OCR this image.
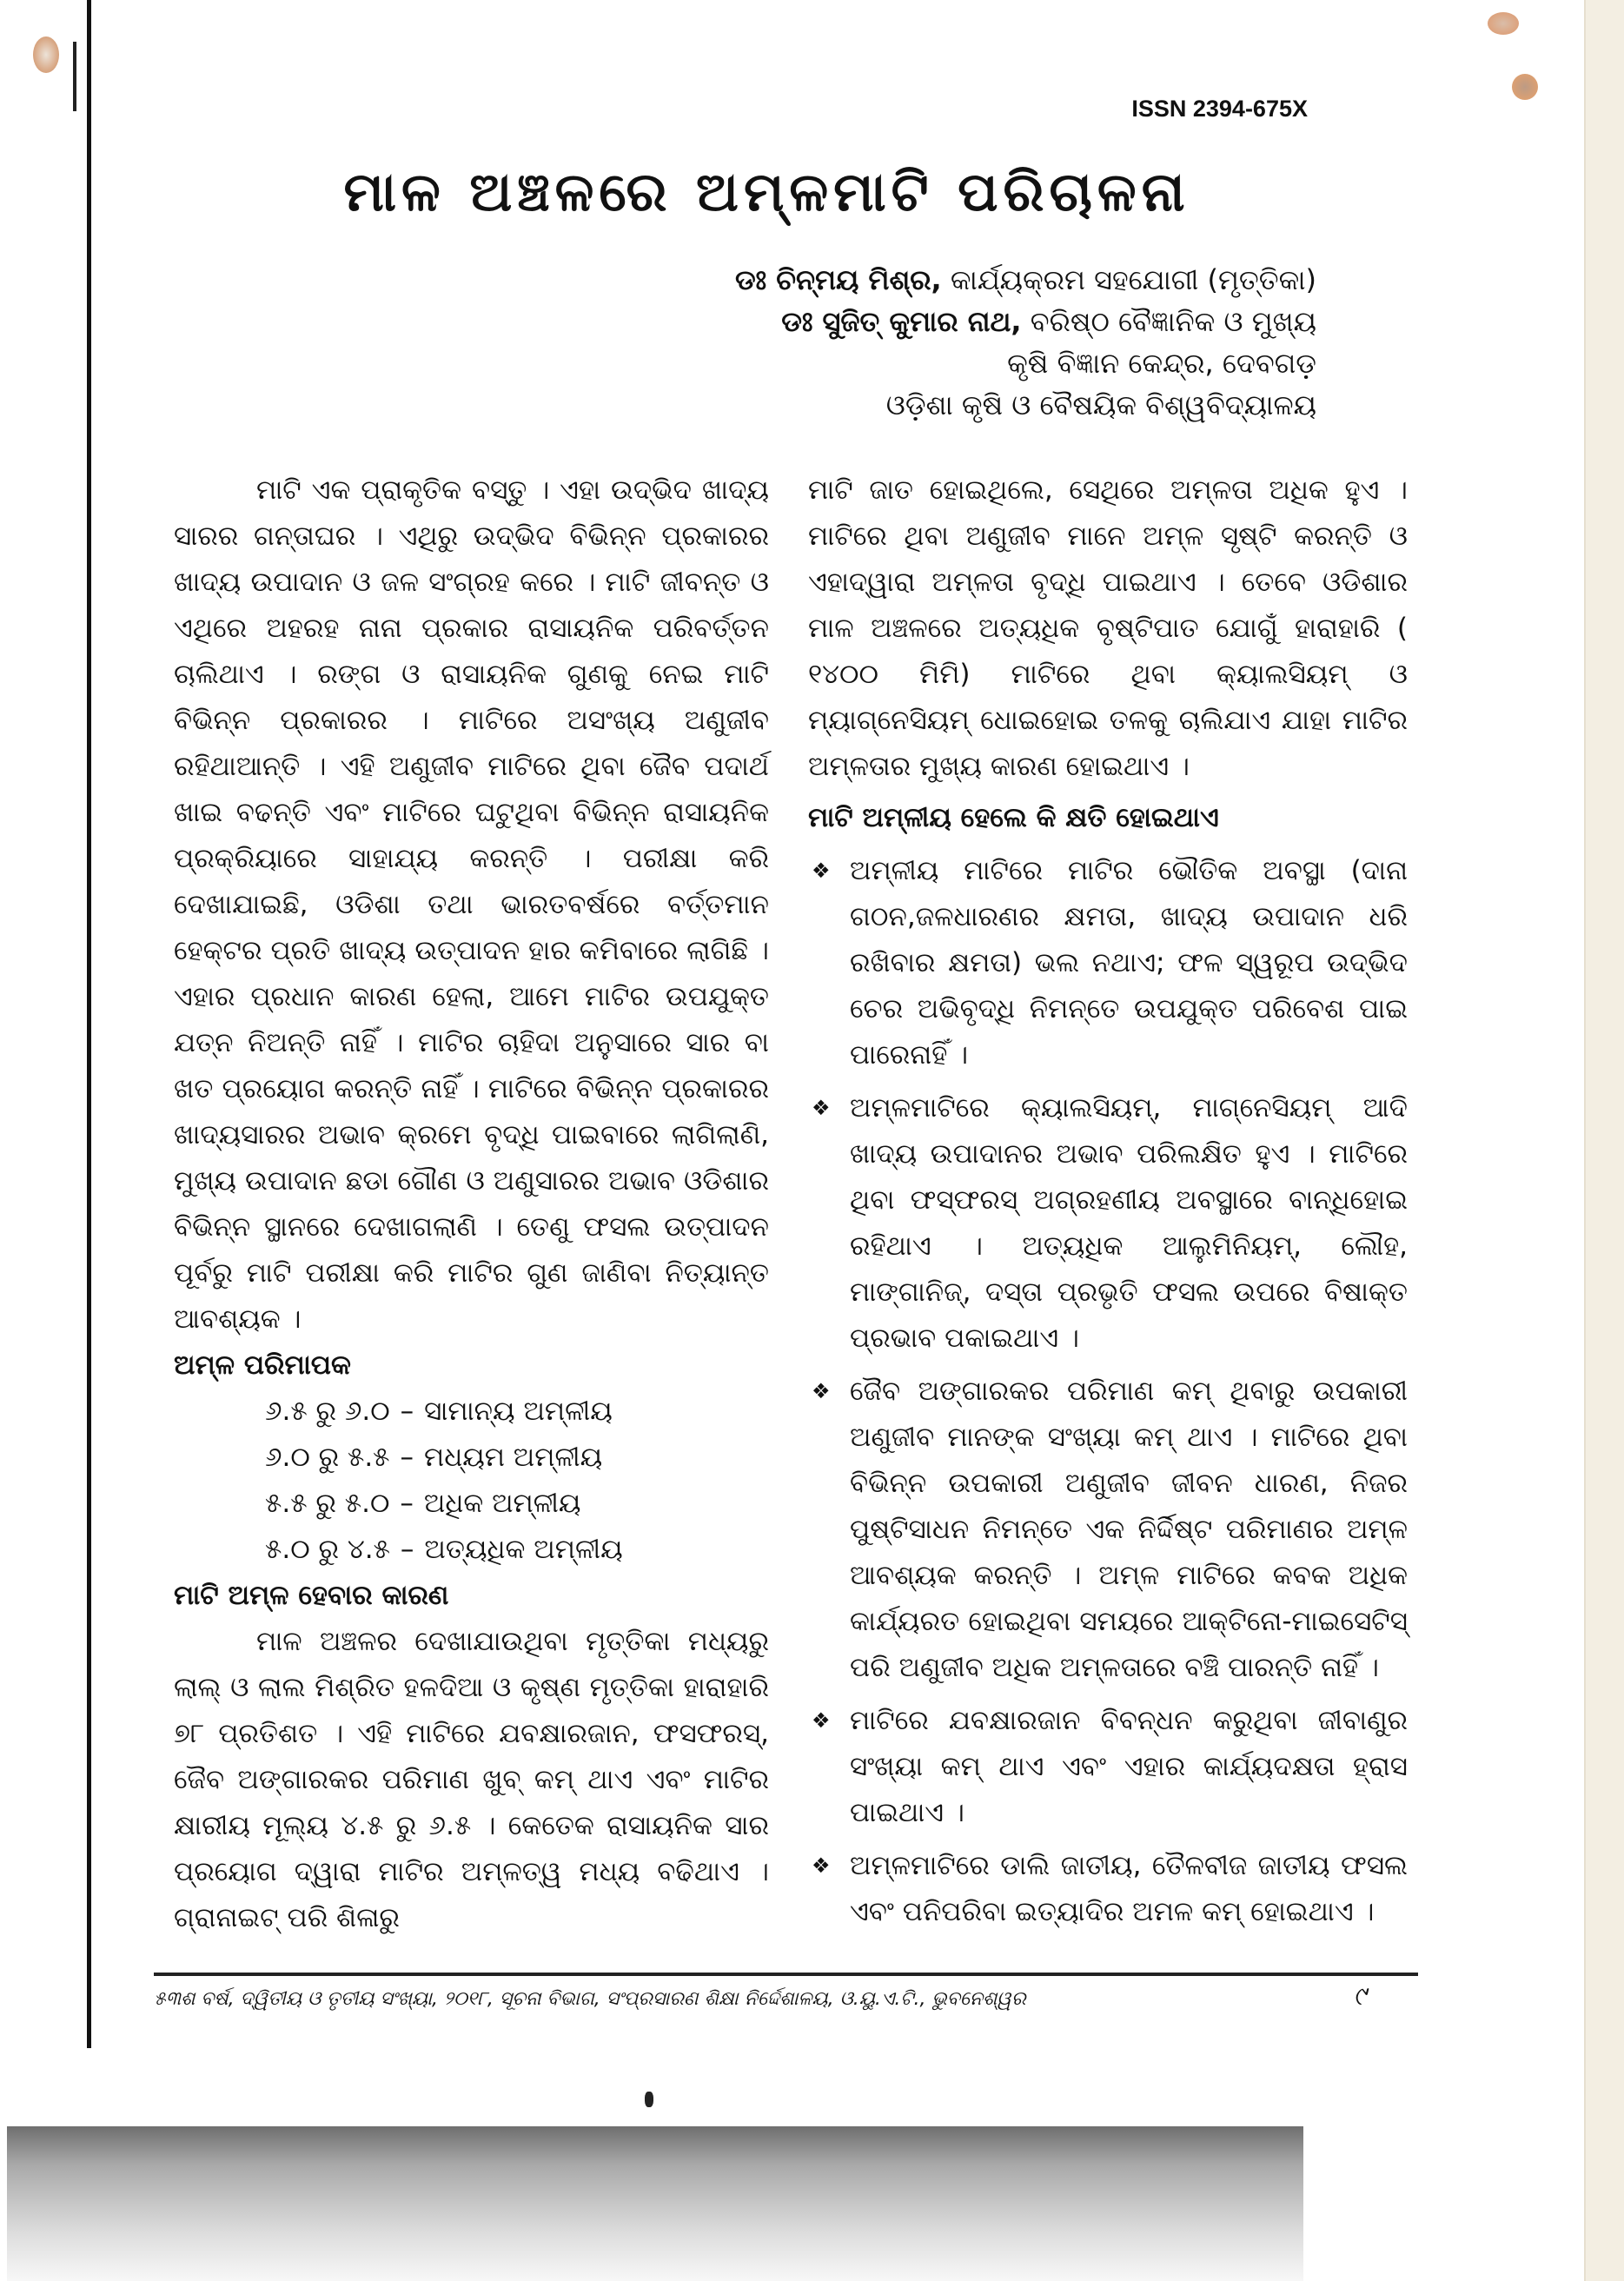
ISSN 2394-675X
ମାଳ ଅଞ୍ଚଳରେ ଅମ୍ଳମାଟି ପରିଚାଳନା
ଡଃ ଚିନ୍ମୟ ମିଶ୍ର, କାର୍ଯ୍ୟକ୍ରମ ସହଯୋଗୀ (ମୃତ୍ତିକା)
ଡଃ ସୁଜିତ୍ କୁମାର ନାଥ, ବରିଷ୍ଠ ବୈଜ୍ଞାନିକ ଓ ମୁଖ୍ୟ
କୃଷି ବିଜ୍ଞାନ କେନ୍ଦ୍ର, ଦେବଗଡ଼
ଓଡ଼ିଶା କୃଷି ଓ ବୈଷୟିକ ବିଶ୍ୱବିଦ୍ୟାଳୟ

ମାଟି ଏକ ପ୍ରାକୃତିକ ବସ୍ତୁ । ଏହା ଉଦ୍ଭିଦ ଖାଦ୍ୟ ସାରର ଗନ୍ତାଘର । ଏଥିରୁ ଉଦ୍ଭିଦ ବିଭିନ୍ନ ପ୍ରକାରର ଖାଦ୍ୟ ଉପାଦାନ ଓ ଜଳ ସଂଗ୍ରହ କରେ । ମାଟି ଜୀବନ୍ତ ଓ ଏଥିରେ ଅହରହ ନାନା ପ୍ରକାର ରାସାୟନିକ ପରିବର୍ତ୍ତନ ଚାଲିଥାଏ । ରଙ୍ଗ ଓ ରାସାୟନିକ ଗୁଣକୁ ନେଇ ମାଟି ବିଭିନ୍ନ ପ୍ରକାରର । ମାଟିରେ ଅସଂଖ୍ୟ ଅଣୁଜୀବ ରହିଥାଆନ୍ତି । ଏହି ଅଣୁଜୀବ ମାଟିରେ ଥିବା ଜୈବ ପଦାର୍ଥ ଖାଇ ବଢନ୍ତି ଏବଂ ମାଟିରେ ଘଟୁଥିବା ବିଭିନ୍ନ ରାସାୟନିକ ପ୍ରକ୍ରିୟାରେ ସାହାଯ୍ୟ କରନ୍ତି । ପରୀକ୍ଷା କରି ଦେଖାଯାଇଛି, ଓଡିଶା ତଥା ଭାରତବର୍ଷରେ ବର୍ତ୍ତମାନ ହେକ୍ଟର ପ୍ରତି ଖାଦ୍ୟ ଉତ୍ପାଦନ ହାର କମିବାରେ ଲାଗିଛି । ଏହାର ପ୍ରଧାନ କାରଣ ହେଲା, ଆମେ ମାଟିର ଉପଯୁକ୍ତ ଯତ୍ନ ନିଅନ୍ତି ନାହିଁ । ମାଟିର ଚାହିଦା ଅନୁସାରେ ସାର ବା ଖତ ପ୍ରୟୋଗ କରନ୍ତି ନାହିଁ । ମାଟିରେ ବିଭିନ୍ନ ପ୍ରକାରର ଖାଦ୍ୟସାରର ଅଭାବ କ୍ରମେ ବୃଦ୍ଧି ପାଇବାରେ ଲାଗିଲାଣି, ମୁଖ୍ୟ ଉପାଦାନ ଛଡା ଗୌଣ ଓ ଅଣୁସାରର ଅଭାବ ଓଡିଶାର ବିଭିନ୍ନ ସ୍ଥାନରେ ଦେଖାଗଲାଣି । ତେଣୁ ଫସଲ ଉତ୍ପାଦନ ପୂର୍ବରୁ ମାଟି ପରୀକ୍ଷା କରି ମାଟିର ଗୁଣ ଜାଣିବା ନିତ୍ୟାନ୍ତ ଆବଶ୍ୟକ ।

ଅମ୍ଳ ପରିମାପକ

୬.୫ ରୁ ୬.୦ – ସାମାନ୍ୟ ଅମ୍ଳୀୟ
୬.୦ ରୁ ୫.୫ – ମଧ୍ୟମ ଅମ୍ଳୀୟ
୫.୫ ରୁ ୫.୦ – ଅଧିକ ଅମ୍ଳୀୟ
୫.୦ ରୁ ୪.୫ – ଅତ୍ୟଧିକ ଅମ୍ଳୀୟ

ମାଟି ଅମ୍ଳ ହେବାର କାରଣ

ମାଳ ଅଞ୍ଚଳର ଦେଖାଯାଉଥିବା ମୃତ୍ତିକା ମଧ୍ୟରୁ ଲାଲ୍ ଓ ଲାଲ ମିଶ୍ରିତ ହଳଦିଆ ଓ କୃଷ୍ଣ ମୃତ୍ତିକା ହାରାହାରି ୭୮ ପ୍ରତିଶତ । ଏହି ମାଟିରେ ଯବକ୍ଷାରଜାନ, ଫସଫରସ୍, ଜୈବ ଅଙ୍ଗାରକର ପରିମାଣ ଖୁବ୍ କମ୍ ଥାଏ ଏବଂ ମାଟିର କ୍ଷାରୀୟ ମୂଲ୍ୟ ୪.୫ ରୁ ୬.୫ । କେତେକ ରାସାୟନିକ ସାର ପ୍ରୟୋଗ ଦ୍ୱାରା ମାଟିର ଅମ୍ଳତ୍ୱ ମଧ୍ୟ ବଢିଥାଏ । ଗ୍ରାନାଇଟ୍ ପରି ଶିଳାରୁ

ମାଟି ଜାତ ହୋଇଥିଲେ, ସେଥିରେ ଅମ୍ଳତା ଅଧିକ ହୁଏ । ମାଟିରେ ଥିବା ଅଣୁଜୀବ ମାନେ ଅମ୍ଳ ସୃଷ୍ଟି କରନ୍ତି ଓ ଏହାଦ୍ୱାରା ଅମ୍ଳତା ବୃଦ୍ଧି ପାଇଥାଏ । ତେବେ ଓଡିଶାର ମାଳ ଅଞ୍ଚଳରେ ଅତ୍ୟଧିକ ବୃଷ୍ଟିପାତ ଯୋଗୁଁ ହାରାହାରି ( ୧୪୦୦ ମିମି) ମାଟିରେ ଥିବା କ୍ୟାଲସିୟମ୍ ଓ ମ୍ୟାଗ୍ନେସିୟମ୍ ଧୋଇହୋଇ ତଳକୁ ଚାଲିଯାଏ ଯାହା ମାଟିର ଅମ୍ଳତାର ମୁଖ୍ୟ କାରଣ ହୋଇଥାଏ ।

ମାଟି ଅମ୍ଳୀୟ ହେଲେ କି କ୍ଷତି ହୋଇଥାଏ

❖ ଅମ୍ଳୀୟ ମାଟିରେ ମାଟିର ଭୌତିକ ଅବସ୍ଥା (ଦାନା ଗଠନ,ଜଳଧାରଣର କ୍ଷମତା, ଖାଦ୍ୟ ଉପାଦାନ ଧରି ରଖିବାର କ୍ଷମତା) ଭଲ ନଥାଏ; ଫଳ ସ୍ୱରୂପ ଉଦ୍ଭିଦ ଚେର ଅଭିବୃଦ୍ଧି ନିମନ୍ତେ ଉପଯୁକ୍ତ ପରିବେଶ ପାଇ ପାରେନାହିଁ ।
❖ ଅମ୍ଳମାଟିରେ କ୍ୟାଲସିୟମ୍, ମାଗ୍ନେସିୟମ୍ ଆଦି ଖାଦ୍ୟ ଉପାଦାନର ଅଭାବ ପରିଲକ୍ଷିତ ହୁଏ । ମାଟିରେ ଥିବା ଫସ୍‌ଫରସ୍ ଅଗ୍ରହଣୀୟ ଅବସ୍ଥାରେ ବାନ୍ଧିହୋଇ ରହିଥାଏ । ଅତ୍ୟଧିକ ଆଲୁମିନିୟମ୍, ଲୌହ, ମାଙ୍ଗାନିଜ୍, ଦସ୍ତା ପ୍ରଭୃତି ଫସଲ ଉପରେ ବିଷାକ୍ତ ପ୍ରଭାବ ପକାଇଥାଏ ।
❖ ଜୈବ ଅଙ୍ଗାରକର ପରିମାଣ କମ୍ ଥିବାରୁ ଉପକାରୀ ଅଣୁଜୀବ ମାନଙ୍କ ସଂଖ୍ୟା କମ୍ ଥାଏ । ମାଟିରେ ଥିବା ବିଭିନ୍ନ ଉପକାରୀ ଅଣୁଜୀବ ଜୀବନ ଧାରଣ, ନିଜର ପୁଷ୍ଟିସାଧନ ନିମନ୍ତେ ଏକ ନିର୍ଦ୍ଦିଷ୍ଟ ପରିମାଣର ଅମ୍ଳ ଆବଶ୍ୟକ କରନ୍ତି । ଅମ୍ଳ ମାଟିରେ କବକ ଅଧିକ କାର୍ଯ୍ୟରତ ହୋଇଥିବା ସମୟରେ ଆକ୍ଟିନୋ-ମାଇସେଟିସ୍ ପରି ଅଣୁଜୀବ ଅଧିକ ଅମ୍ଳତାରେ ବଞ୍ଚି ପାରନ୍ତି ନାହିଁ ।
❖ ମାଟିରେ ଯବକ୍ଷାରଜାନ ବିବନ୍ଧନ କରୁଥିବା ଜୀବାଣୁର ସଂଖ୍ୟା କମ୍ ଥାଏ ଏବଂ ଏହାର କାର୍ଯ୍ୟଦକ୍ଷତା ହ୍ରାସ ପାଇଥାଏ ।
❖ ଅମ୍ଳମାଟିରେ ଡାଲି ଜାତୀୟ, ତୈଳବୀଜ ଜାତୀୟ ଫସଲ ଏବଂ ପନିପରିବା ଇତ୍ୟାଦିର ଅମଳ କମ୍ ହୋଇଥାଏ ।
୫୩ଶ ବର୍ଷ, ଦ୍ୱିତୀୟ ଓ ତୃତୀୟ ସଂଖ୍ୟା, ୨୦୧୮, ସୂଚନା ବିଭାଗ, ସଂପ୍ରସାରଣ ଶିକ୍ଷା ନିର୍ଦ୍ଦେଶାଳୟ, ଓ.ୟୁ.ଏ.ଟି., ଭୁବନେଶ୍ୱର	୯
